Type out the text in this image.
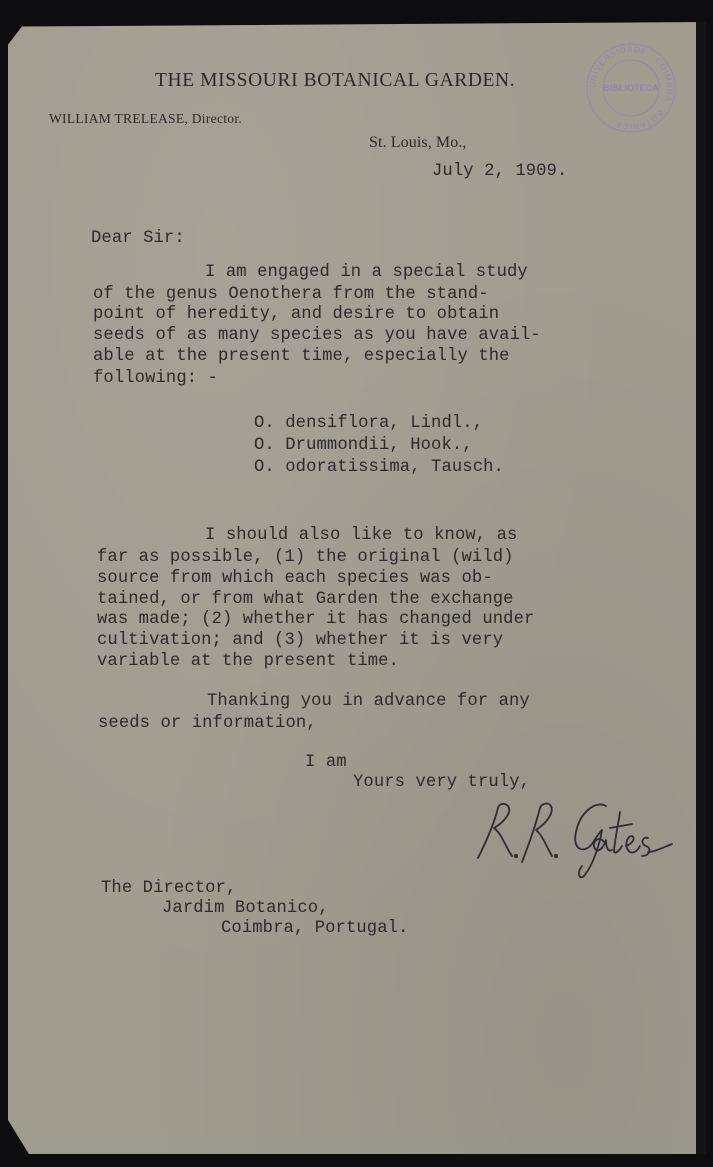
THE MISSOURI BOTANICAL GARDEN.
WILLIAM TRELEASE, Director.
St. Louis, Mo.,
UNIVERSIDADE · COIMBRA · BOTANICA
BIBLIOTECA
July 2, 1909.
Dear Sir:
I am engaged in a special study
of the genus Oenothera from the stand-
point of heredity, and desire to obtain
seeds of as many species as you have avail-
able at the present time, especially the
following: -
O. densiflora, Lindl.,
O. Drummondii, Hook.,
O. odoratissima, Tausch.
I should also like to know, as
far as possible, (1) the original (wild)
source from which each species was ob-
tained, or from what Garden the exchange
was made; (2) whether it has changed under
cultivation; and (3) whether it is very
variable at the present time.
Thanking you in advance for any
seeds or information,
I am
Yours very truly,
The Director,
Jardim Botanico,
Coimbra, Portugal.
